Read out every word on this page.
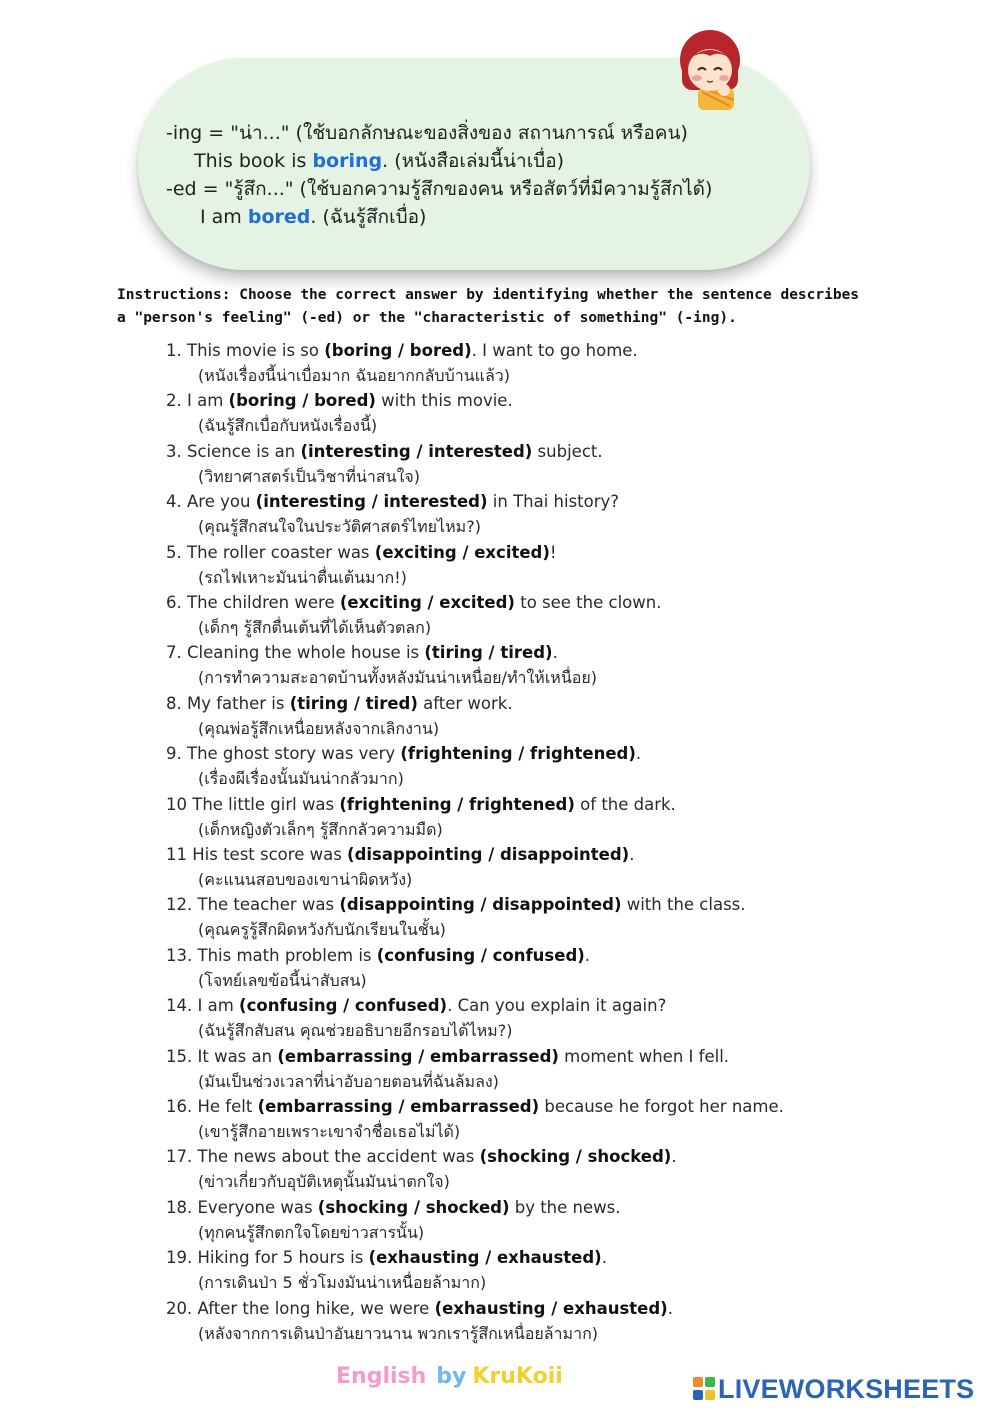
-ing = "น่า..." (ใช้บอกลักษณะของสิ่งของ สถานการณ์ หรือคน)
This book is boring. (หนังสือเล่มนี้น่าเบื่อ)
-ed = "รู้สึก..." (ใช้บอกความรู้สึกของคน หรือสัตว์ที่มีความรู้สึกได้)
I am bored. (ฉันรู้สึกเบื่อ)
Instructions: Choose the correct answer by identifying whether the sentence describes
a "person's feeling" (-ed) or the "characteristic of something" (-ing).
1. This movie is so (boring / bored). I want to go home.
(หนังเรื่องนี้น่าเบื่อมาก ฉันอยากกลับบ้านแล้ว)
2. I am (boring / bored) with this movie.
(ฉันรู้สึกเบื่อกับหนังเรื่องนี้)
3. Science is an (interesting / interested) subject.
(วิทยาศาสตร์เป็นวิชาที่น่าสนใจ)
4. Are you (interesting / interested) in Thai history?
(คุณรู้สึกสนใจในประวัติศาสตร์ไทยไหม?)
5. The roller coaster was (exciting / excited)!
(รถไฟเหาะมันน่าตื่นเต้นมาก!)
6. The children were (exciting / excited) to see the clown.
(เด็กๆ รู้สึกตื่นเต้นที่ได้เห็นตัวตลก)
7. Cleaning the whole house is (tiring / tired).
(การทำความสะอาดบ้านทั้งหลังมันน่าเหนื่อย/ทำให้เหนื่อย)
8. My father is (tiring / tired) after work.
(คุณพ่อรู้สึกเหนื่อยหลังจากเลิกงาน)
9. The ghost story was very (frightening / frightened).
(เรื่องผีเรื่องนั้นมันน่ากลัวมาก)
10 The little girl was (frightening / frightened) of the dark.
(เด็กหญิงตัวเล็กๆ รู้สึกกลัวความมืด)
11 His test score was (disappointing / disappointed).
(คะแนนสอบของเขาน่าผิดหวัง)
12. The teacher was (disappointing / disappointed) with the class.
(คุณครูรู้สึกผิดหวังกับนักเรียนในชั้น)
13. This math problem is (confusing / confused).
(โจทย์เลขข้อนี้น่าสับสน)
14. I am (confusing / confused). Can you explain it again?
(ฉันรู้สึกสับสน คุณช่วยอธิบายอีกรอบได้ไหม?)
15. It was an (embarrassing / embarrassed) moment when I fell.
(มันเป็นช่วงเวลาที่น่าอับอายตอนที่ฉันล้มลง)
16. He felt (embarrassing / embarrassed) because he forgot her name.
(เขารู้สึกอายเพราะเขาจำชื่อเธอไม่ได้)
17. The news about the accident was (shocking / shocked).
(ข่าวเกี่ยวกับอุบัติเหตุนั้นมันน่าตกใจ)
18. Everyone was (shocking / shocked) by the news.
(ทุกคนรู้สึกตกใจโดยข่าวสารนั้น)
19. Hiking for 5 hours is (exhausting / exhausted).
(การเดินป่า 5 ชั่วโมงมันน่าเหนื่อยล้ามาก)
20. After the long hike, we were (exhausting / exhausted).
(หลังจากการเดินป่าอันยาวนาน พวกเรารู้สึกเหนื่อยล้ามาก)
English by KruKoii	LIVEWORKSHEETS
